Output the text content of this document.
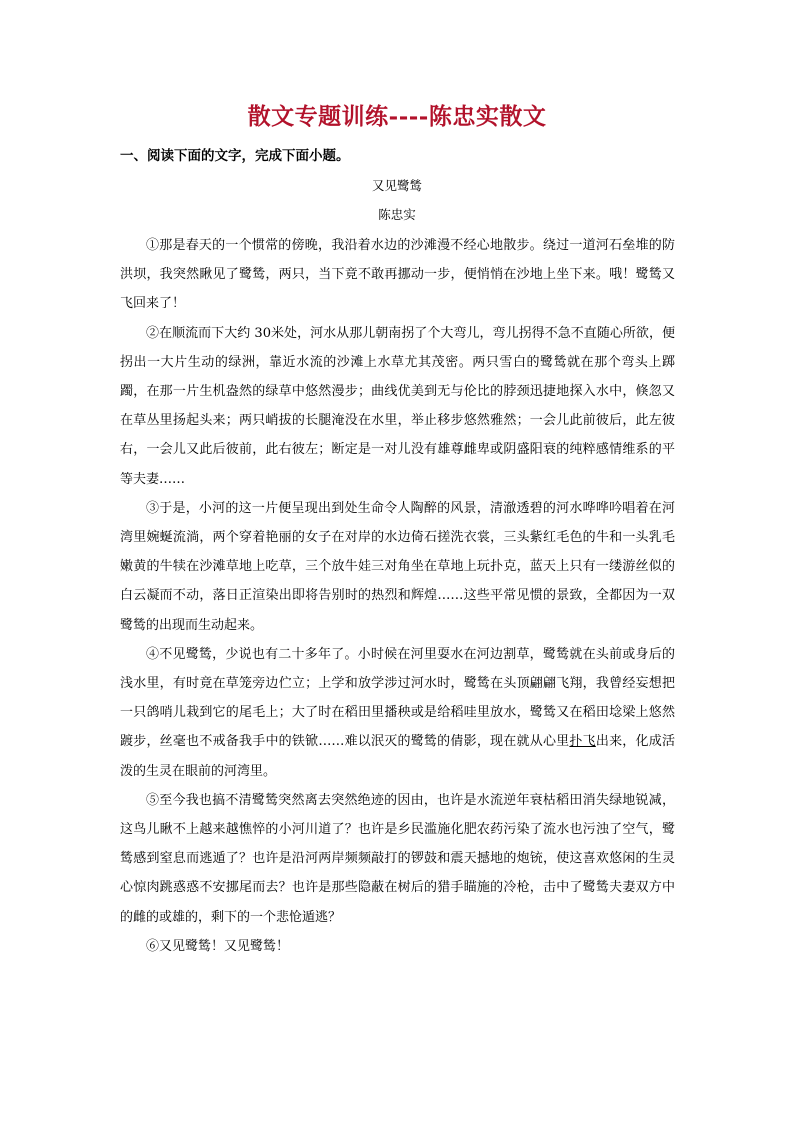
散文专题训练----陈忠实散文
一、阅读下面的文字，完成下面小题。
又见鹭鸶
陈忠实

①那是春天的一个惯常的傍晚，我沿着水边的沙滩漫不经心地散步。绕过一道河石垒堆的防洪坝，我突然瞅见了鹭鸶，两只，当下竟不敢再挪动一步，便悄悄在沙地上坐下来。哦！鹭鸶又飞回来了！

②在顺流而下大约 30米处，河水从那儿朝南拐了个大弯儿，弯儿拐得不急不直随心所欲，便拐出一大片生动的绿洲，靠近水流的沙滩上水草尤其茂密。两只雪白的鹭鸶就在那个弯头上踯躅，在那一片生机盎然的绿草中悠然漫步；曲线优美到无与伦比的脖颈迅捷地探入水中，倏忽又在草丛里扬起头来；两只峭拔的长腿淹没在水里，举止移步悠然雅然；一会儿此前彼后，此左彼右，一会儿又此后彼前，此右彼左；断定是一对儿没有雄尊雌卑或阴盛阳衰的纯粹感情维系的平等夫妻……

③于是，小河的这一片便呈现出到处生命令人陶醉的风景，清澈透碧的河水哗哗吟唱着在河湾里婉蜒流淌，两个穿着艳丽的女子在对岸的水边倚石搓洗衣裳，三头紫红毛色的牛和一头乳毛嫩黄的牛犊在沙滩草地上吃草，三个放牛娃三对角坐在草地上玩扑克，蓝天上只有一缕游丝似的白云凝而不动，落日正渲染出即将告别时的热烈和辉煌……这些平常见惯的景致，全都因为一双鹭鸶的出现而生动起来。

④不见鹭鸶，少说也有二十多年了。小时候在河里耍水在河边割草，鹭鸶就在头前或身后的浅水里，有时竟在草笼旁边伫立；上学和放学涉过河水时，鹭鸶在头顶翩翩飞翔，我曾经妄想把一只鸽哨儿栽到它的尾毛上；大了时在稻田里播秧或是给稻哇里放水，鹭鸶又在稻田埝梁上悠然踱步，丝毫也不戒备我手中的铁锨……难以泯灭的鹭鸶的倩影，现在就从心里扑飞出来，化成活泼的生灵在眼前的河湾里。

⑤至今我也搞不清鹭鸶突然离去突然绝迹的因由，也许是水流逆年衰枯稻田消失绿地锐减，这鸟儿瞅不上越来越憔悴的小河川道了？也许是乡民滥施化肥农药污染了流水也污浊了空气，鹭鸶感到窒息而逃遁了？也许是沿河两岸频频敲打的锣鼓和震天撼地的炮铳，使这喜欢悠闲的生灵心惊肉跳惑惑不安挪尾而去？也许是那些隐蔽在树后的猎手瞄施的冷枪，击中了鹭鸶夫妻双方中的雌的或雄的，剩下的一个悲怆遁逃？

⑥又见鹭鸶！又见鹭鸶！
